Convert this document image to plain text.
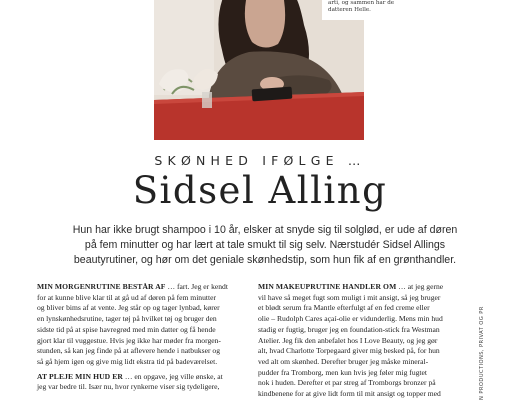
arti, og sammen har de
datteren Helle.
SKØNHED IFØLGE …
Sidsel Alling
Hun har ikke brugt shampoo i 10 år, elsker at snyde sig til solglød, er ude af døren
på fem minutter og har lært at tale smukt til sig selv. Nærstudér Sidsel Allings
beautyrutiner, og hør om det geniale skønhedstip, som hun fik af en grønthandler.

MIN MORGENRUTINE BESTÅR AF … fart. Jeg er kendt
for at kunne blive klar til at gå ud af døren på fem minutter
og bliver bims af at vente. Jeg står op og tager lynbad, kører
en lynskønhedsrutine, tager tøj på hvilket tøj og bruger den
sidste tid på at spise havregrød med min datter og få hende
gjort klar til vuggestue. Hvis jeg ikke har møder fra morgen-
stunden, så kan jeg finde på at aflevere hende i natbukser og
så gå hjem igen og give mig lidt ekstra tid på badeværelset.

AT PLEJE MIN HUD ER … en opgave, jeg ville ønske, at
jeg var bedre til. Især nu, hvor rynkerne viser sig tydeligere,

MIN MAKEUPRUTINE HANDLER OM … at jeg gerne
vil have så meget fugt som muligt i mit ansigt, så jeg bruger
et blødt serum fra Mantle efterfulgt af en fed creme eller
olie – Rudolph Cares açaí-olie er vidunderlig. Mens min hud
stadig er fugtig, bruger jeg en foundation-stick fra Westman
Atelier. Jeg fik den anbefalet hos I Love Beauty, og jeg gør
alt, hvad Charlotte Torpegaard giver mig besked på, for hun
ved alt om skønhed. Derefter bruger jeg måske mineral-
pudder fra Tromborg, men kun hvis jeg føler mig fugtet
nok i huden. Derefter et par streg af Tromborgs bronzer på
kindbenene for at give lidt form til mit ansigt og topper med	N PRODUCTIONS, PRIVAT OG PR
